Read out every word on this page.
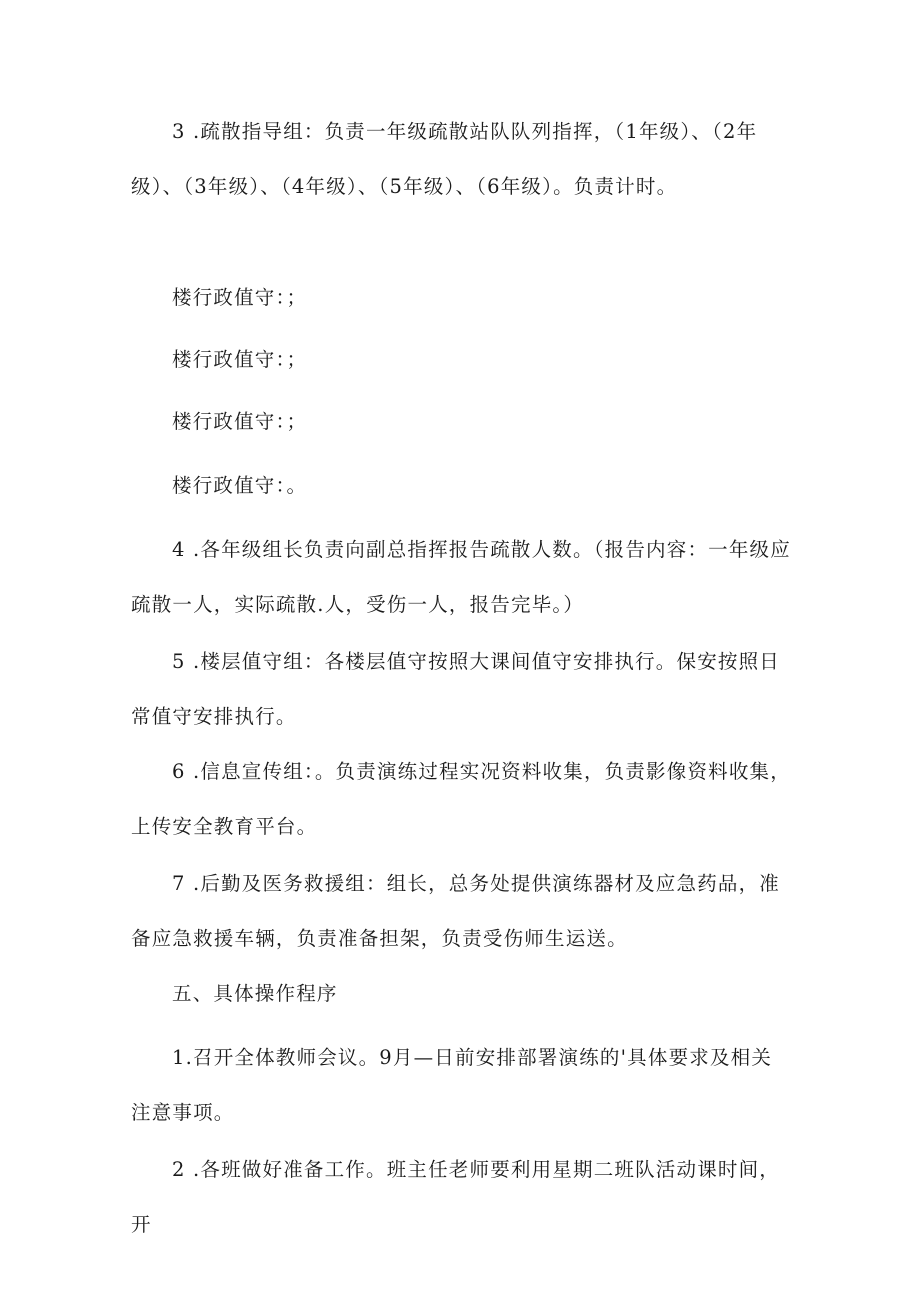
3 .疏散指导组：负责一年级疏散站队队列指挥，（1年级）、（2年级）、（3年级）、（4年级）、（5年级）、（6年级）。负责计时。

楼行政值守：；

楼行政值守：；

楼行政值守：；

楼行政值守：。

4 .各年级组长负责向副总指挥报告疏散人数。（报告内容：一年级应疏散一人，实际疏散.人，受伤一人，报告完毕。）

5 .楼层值守组：各楼层值守按照大课间值守安排执行。保安按照日常值守安排执行。

6 .信息宣传组：。负责演练过程实况资料收集，负责影像资料收集，上传安全教育平台。

7 .后勤及医务救援组：组长，总务处提供演练器材及应急药品，准备应急救援车辆，负责准备担架，负责受伤师生运送。

五、具体操作程序

1.召开全体教师会议。9月—日前安排部署演练的'具体要求及相关注意事项。

2 .各班做好准备工作。班主任老师要利用星期二班队活动课时间，开
